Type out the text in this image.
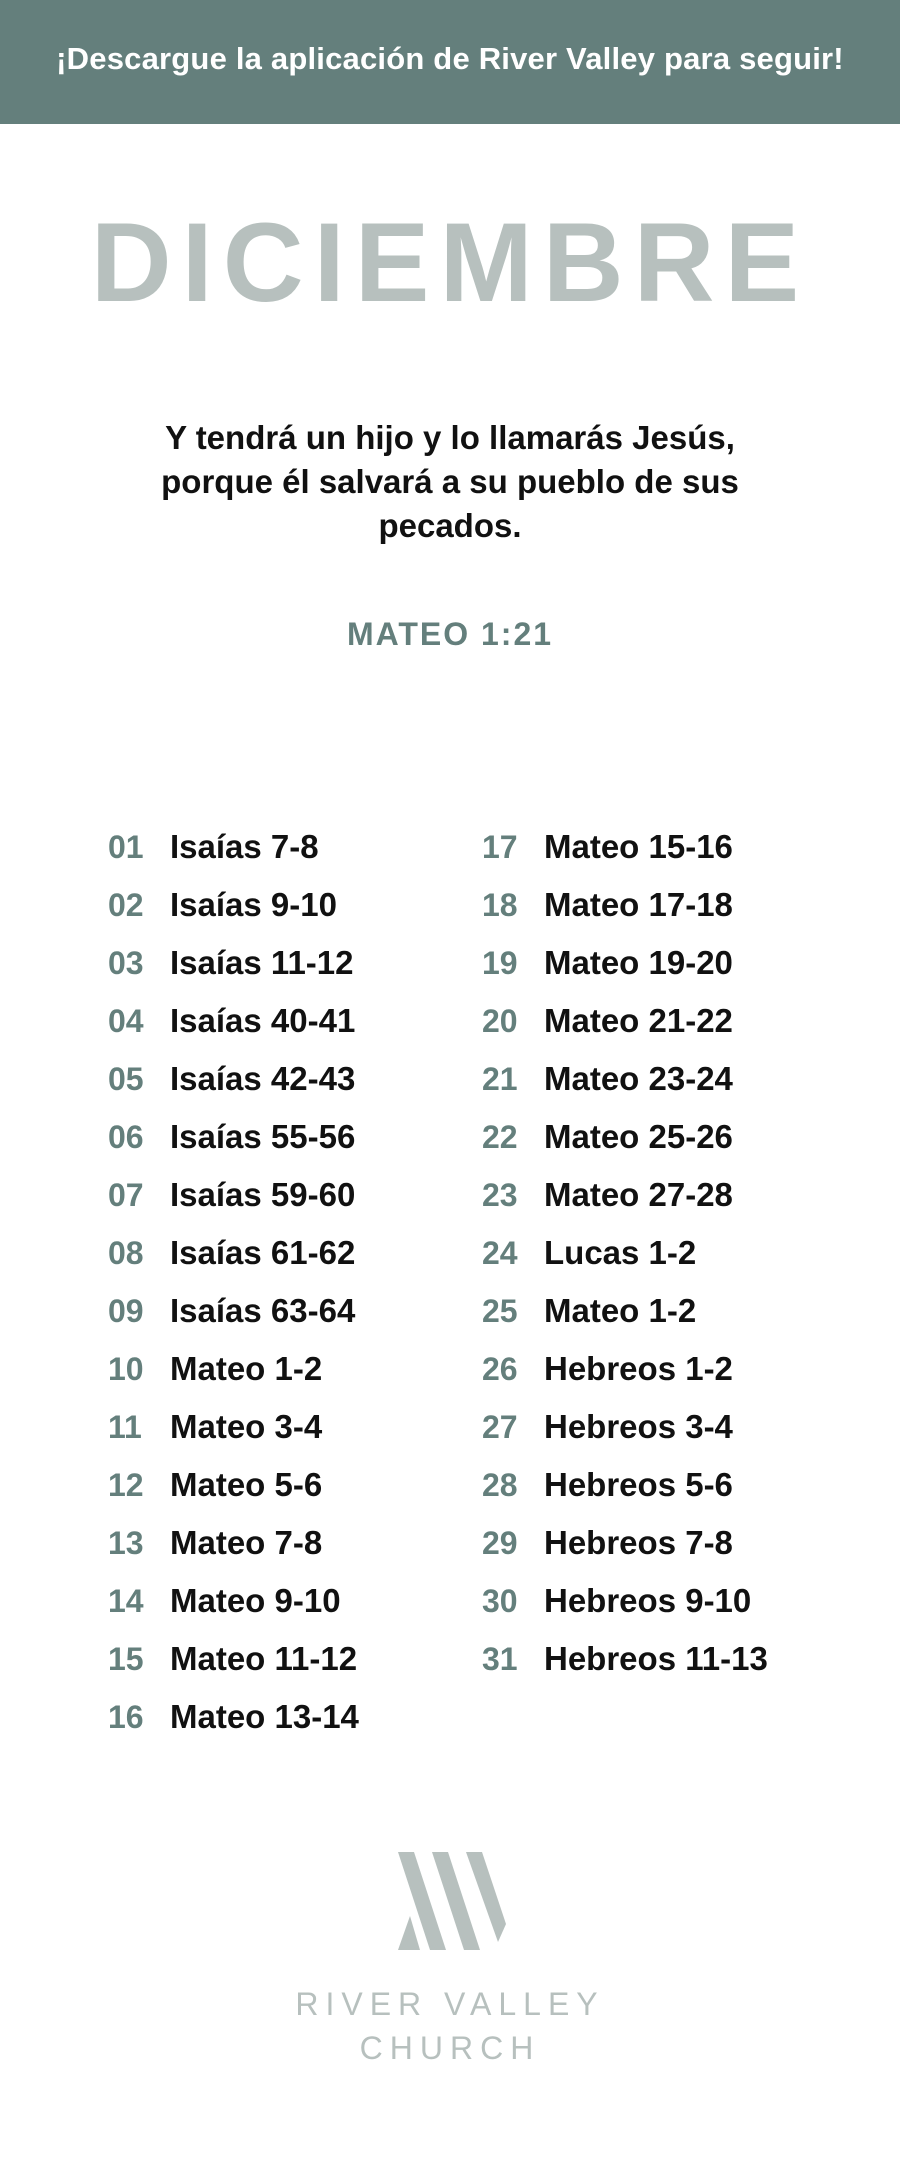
¡Descargue la aplicación de River Valley para seguir!
DICIEMBRE
Y tendrá un hijo y lo llamarás Jesús, porque él salvará a su pueblo de sus pecados.
MATEO 1:21
01 Isaías 7-8
02 Isaías 9-10
03 Isaías 11-12
04 Isaías 40-41
05 Isaías 42-43
06 Isaías 55-56
07 Isaías 59-60
08 Isaías 61-62
09 Isaías 63-64
10 Mateo 1-2
11 Mateo 3-4
12 Mateo 5-6
13 Mateo 7-8
14 Mateo 9-10
15 Mateo 11-12
16 Mateo 13-14
17 Mateo 15-16
18 Mateo 17-18
19 Mateo 19-20
20 Mateo 21-22
21 Mateo 23-24
22 Mateo 25-26
23 Mateo 27-28
24 Lucas 1-2
25 Mateo 1-2
26 Hebreos 1-2
27 Hebreos 3-4
28 Hebreos 5-6
29 Hebreos 7-8
30 Hebreos 9-10
31 Hebreos 11-13
RIVER VALLEY
CHURCH
